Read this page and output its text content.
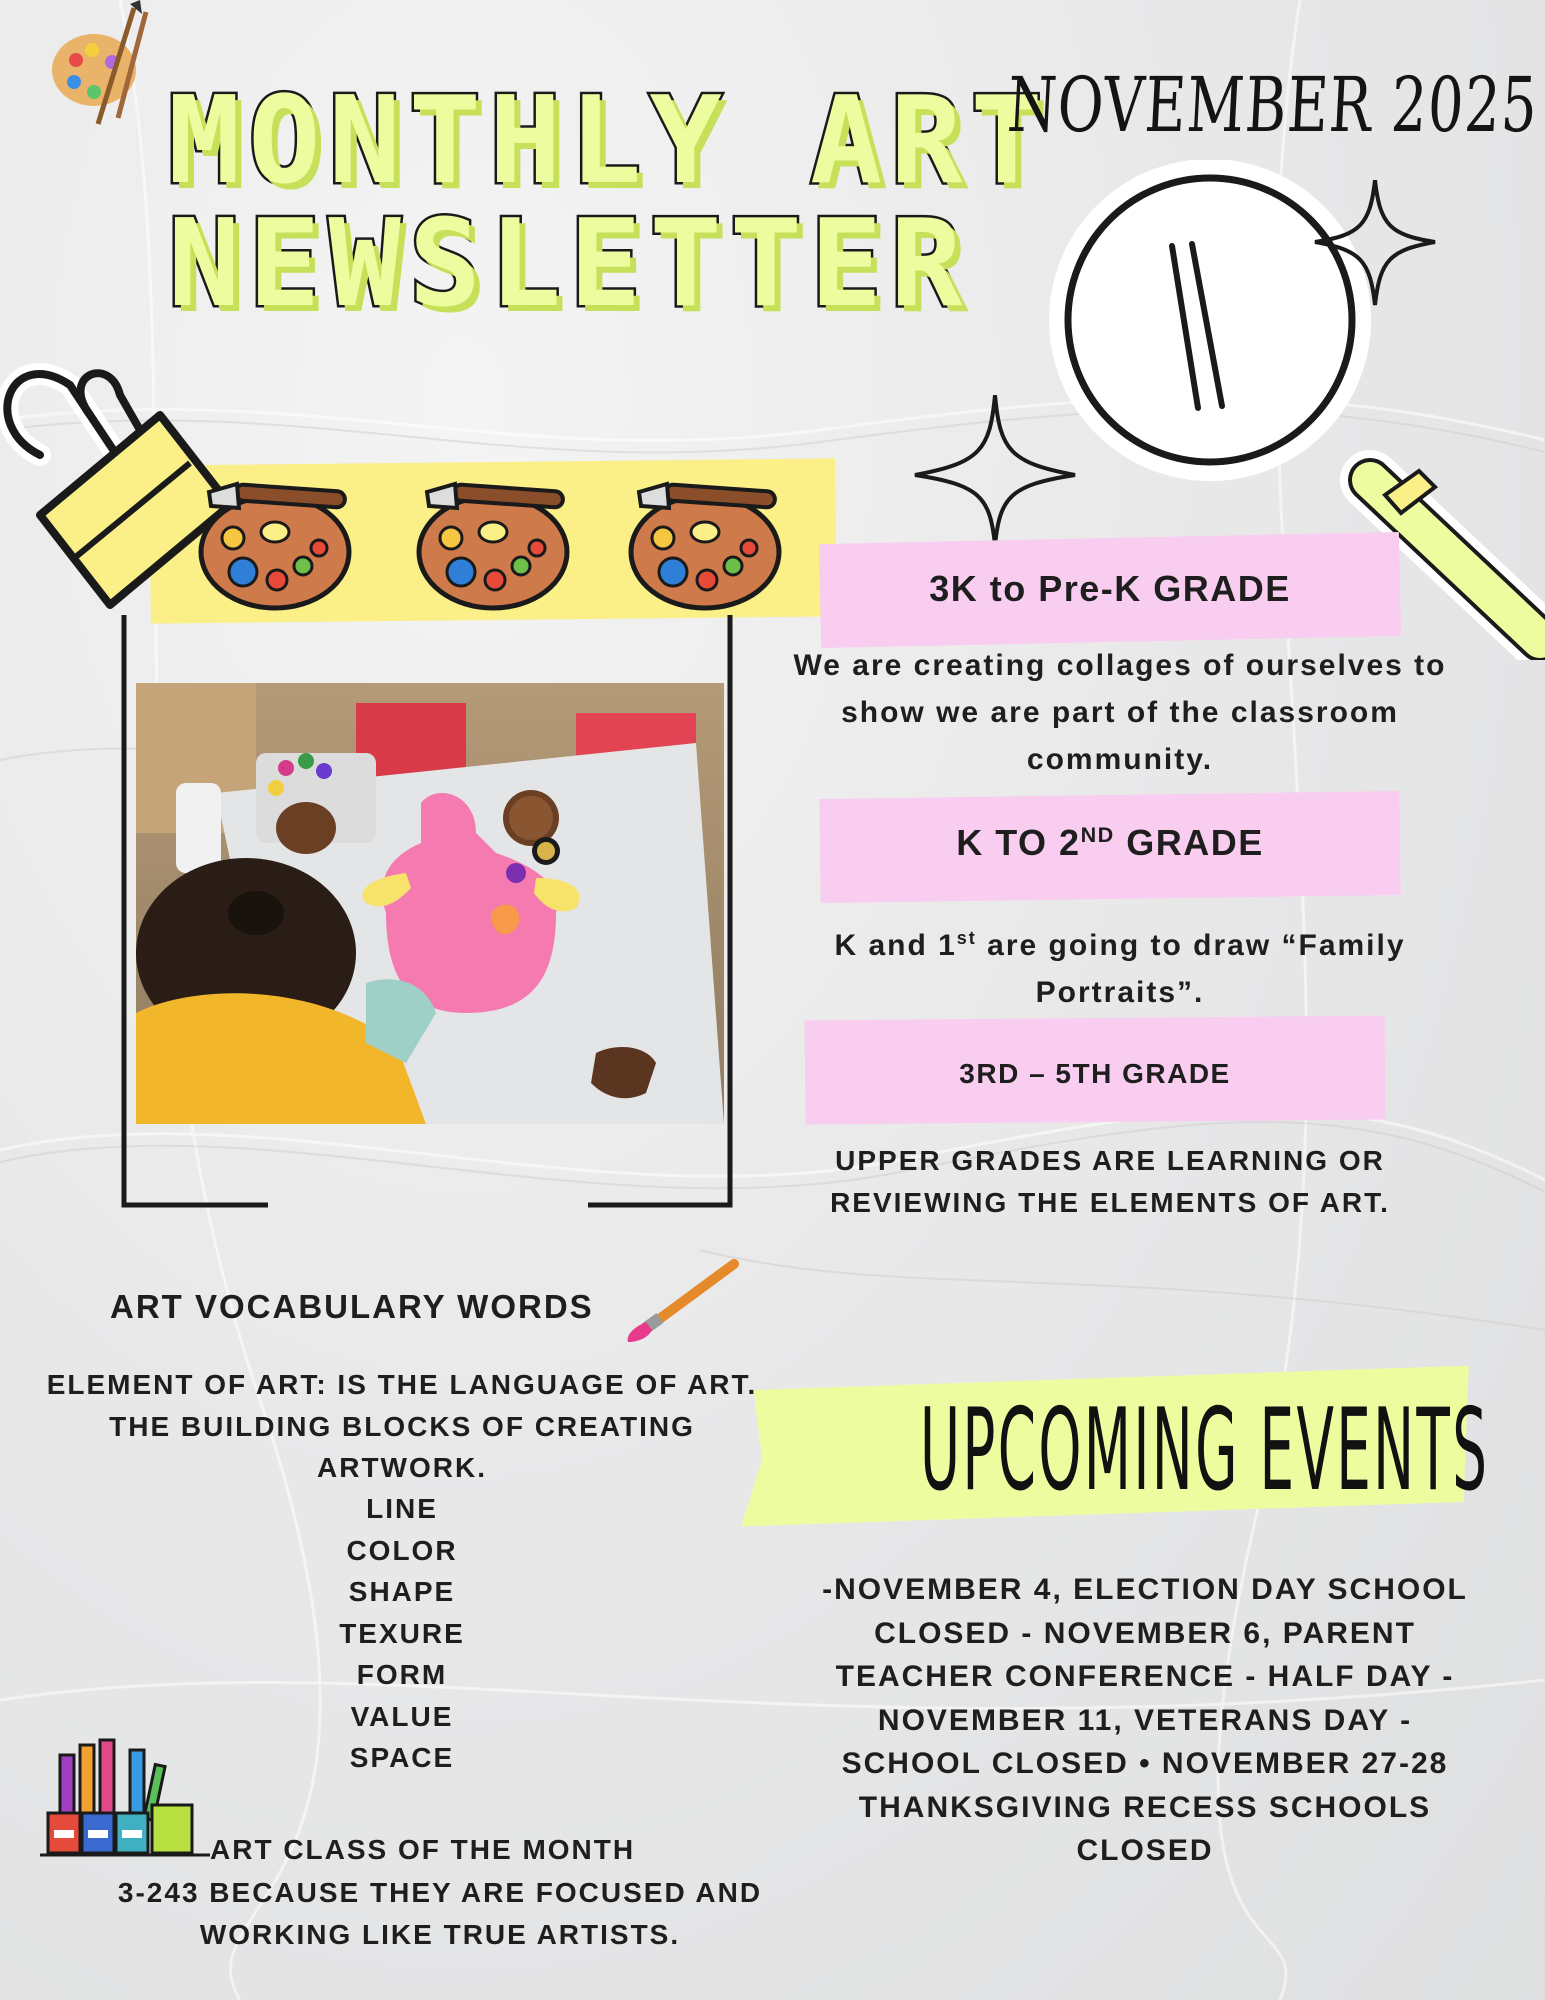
MONTHLY ART
NEWSLETTER
NOVEMBER 2025
3K to Pre-K GRADE
We are creating collages of ourselves to show we are part of the classroom community.
K TO 2ND GRADE
K and 1st are going to draw “Family Portraits”.
3RD – 5TH GRADE
UPPER GRADES ARE LEARNING OR REVIEWING THE ELEMENTS OF ART.
ART VOCABULARY WORDS
ELEMENT OF ART: IS THE LANGUAGE OF ART. THE BUILDING BLOCKS OF CREATING ARTWORK.
LINE
COLOR
SHAPE
TEXURE
FORM
VALUE
SPACE
ART CLASS OF THE MONTH
3-243 BECAUSE THEY ARE FOCUSED AND WORKING LIKE TRUE ARTISTS.
UPCOMING EVENTS
-NOVEMBER 4, ELECTION DAY SCHOOL CLOSED - NOVEMBER 6, PARENT TEACHER CONFERENCE - HALF DAY -NOVEMBER 11, VETERANS DAY - SCHOOL CLOSED • NOVEMBER 27-28 THANKSGIVING RECESS SCHOOLS CLOSED
